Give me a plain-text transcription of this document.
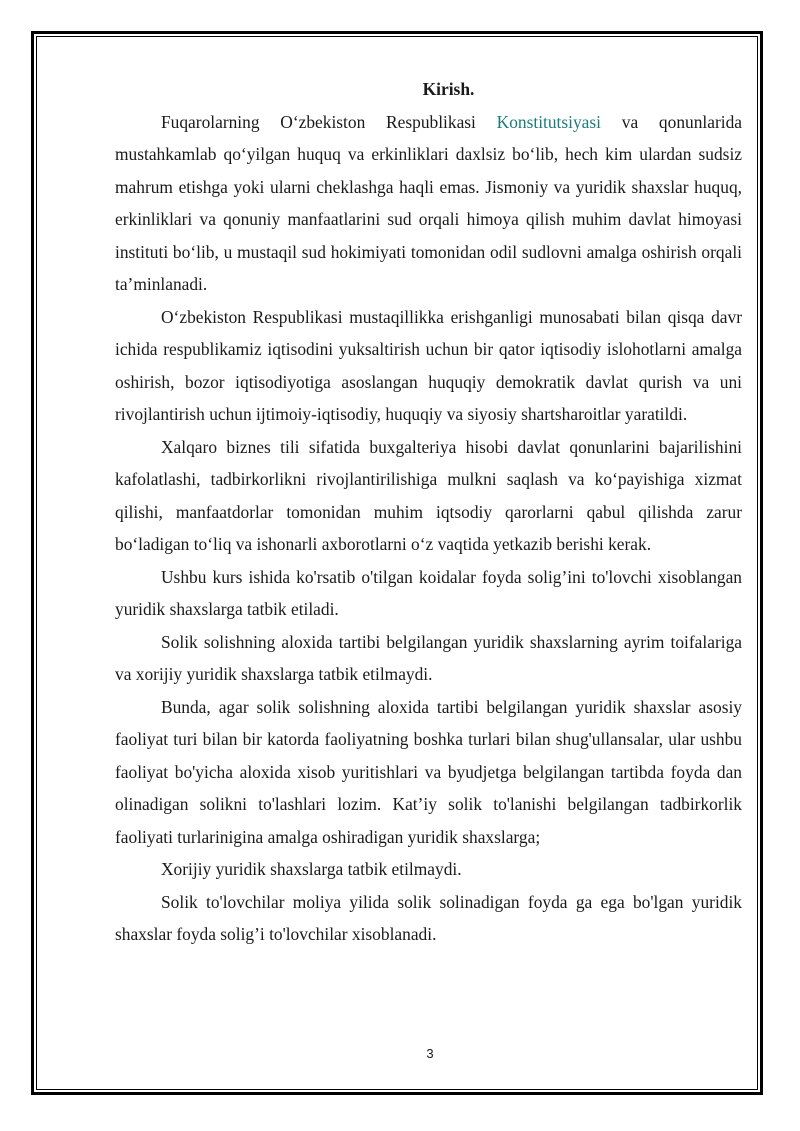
Kirish.

Fuqarolarning O‘zbekiston Respublikasi Konstitutsiyasi va qonunlarida mustahkamlab qo‘yilgan huquq va erkinliklari daxlsiz bo‘lib, hech kim ulardan sudsiz mahrum etishga yoki ularni cheklashga haqli emas. Jismoniy va yuridik shaxslar huquq, erkinliklari va qonuniy manfaatlarini sud orqali himoya qilish muhim davlat himoyasi instituti bo‘lib, u mustaqil sud hokimiyati tomonidan odil sudlovni amalga oshirish orqali ta’minlanadi.

O‘zbekiston Respublikasi mustaqillikka erishganligi munosabati bilan qisqa davr ichida respublikamiz iqtisodini yuksaltirish uchun bir qator iqtisodiy islohotlarni amalga oshirish, bozor iqtisodiyotiga asoslangan huquqiy demokratik davlat qurish va uni rivojlantirish uchun ijtimoiy-iqtisodiy, huquqiy va siyosiy shartsharoitlar yaratildi.

Xalqaro biznes tili sifatida buxgalteriya hisobi davlat qonunlarini bajarilishini kafolatlashi, tadbirkorlikni rivojlantirilishiga mulkni saqlash va ko‘payishiga xizmat qilishi, manfaatdorlar tomonidan muhim iqtsodiy qarorlarni qabul qilishda zarur bo‘ladigan to‘liq va ishonarli axborotlarni o‘z vaqtida yetkazib berishi kerak.

Ushbu kurs ishida ko'rsatib o'tilgan koidalar foyda solig’ini to'lovchi xisoblangan yuridik shaxslarga tatbik etiladi.

Solik solishning aloxida tartibi belgilangan yuridik shaxslarning ayrim toifalariga va xorijiy yuridik shaxslarga tatbik etilmaydi.

Bunda, agar solik solishning aloxida tartibi belgilangan yuridik shaxslar asosiy faoliyat turi bilan bir katorda faoliyatning boshka turlari bilan shug'ullansalar, ular ushbu faoliyat bo'yicha aloxida xisob yuritishlari va byudjetga belgilangan tartibda foyda dan olinadigan solikni to'lashlari lozim. Kat’iy solik to'lanishi belgilangan tadbirkorlik faoliyati turlarinigina amalga oshiradigan yuridik shaxslarga;

Xorijiy yuridik shaxslarga tatbik etilmaydi.

Solik to'lovchilar moliya yilida solik solinadigan foyda ga ega bo'lgan yuridik shaxslar foyda solig’i to'lovchilar xisoblanadi.

3
